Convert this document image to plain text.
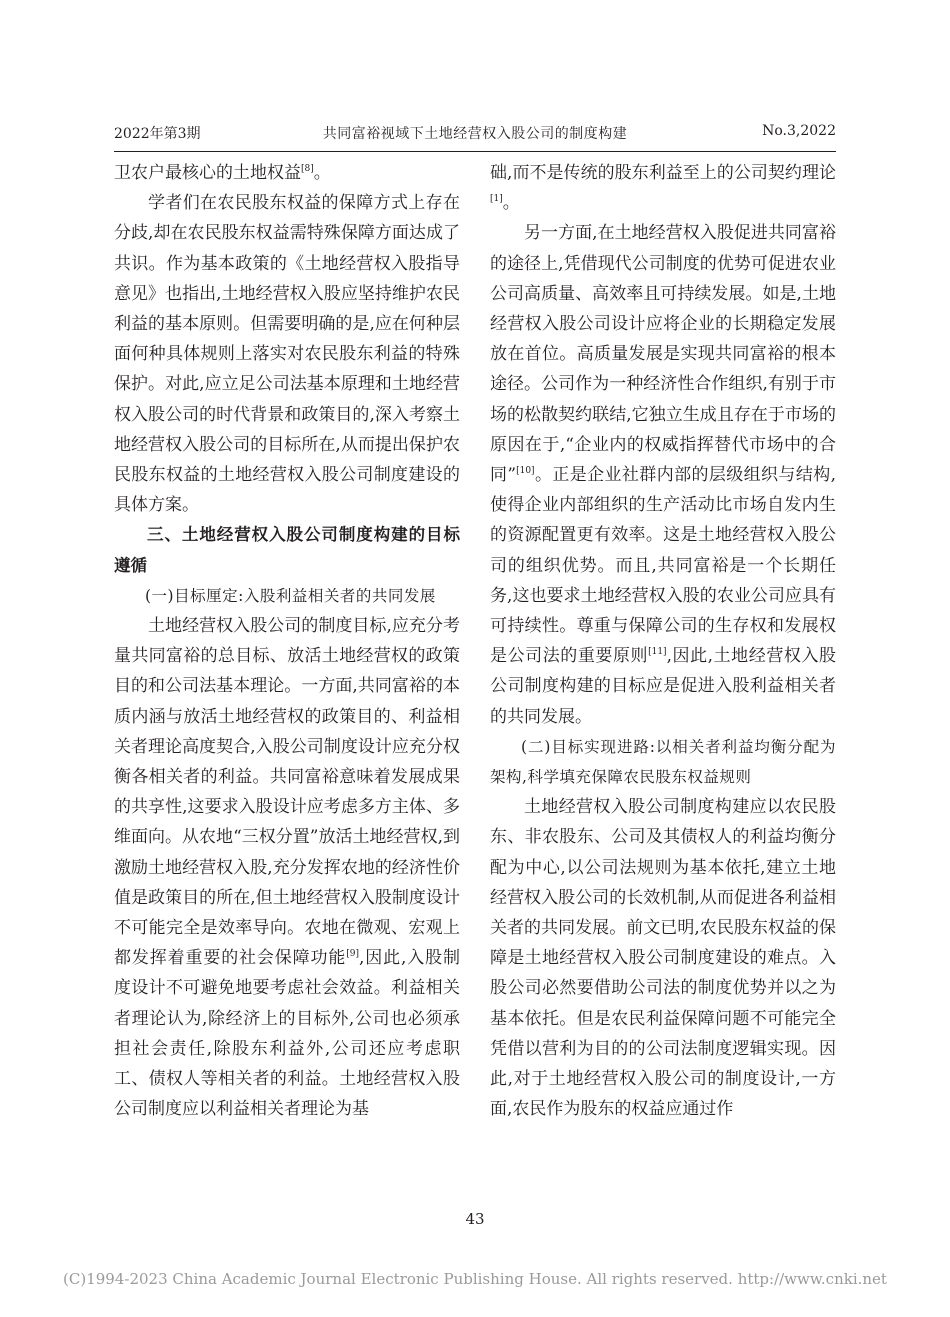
2022年第3期	共同富裕视域下土地经营权入股公司的制度构建	No.3,2022

卫农户最核心的土地权益[8]。

学者们在农民股东权益的保障方式上存在分歧,却在农民股东权益需特殊保障方面达成了共识。作为基本政策的《土地经营权入股指导意见》也指出,土地经营权入股应坚持维护农民利益的基本原则。但需要明确的是,应在何种层面何种具体规则上落实对农民股东利益的特殊保护。对此,应立足公司法基本原理和土地经营权入股公司的时代背景和政策目的,深入考察土地经营权入股公司的目标所在,从而提出保护农民股东权益的土地经营权入股公司制度建设的具体方案。

三、土地经营权入股公司制度构建的目标遵循

(一)目标厘定:入股利益相关者的共同发展

土地经营权入股公司的制度目标,应充分考量共同富裕的总目标、放活土地经营权的政策目的和公司法基本理论。一方面,共同富裕的本质内涵与放活土地经营权的政策目的、利益相关者理论高度契合,入股公司制度设计应充分权衡各相关者的利益。共同富裕意味着发展成果的共享性,这要求入股设计应考虑多方主体、多维面向。从农地“三权分置”放活土地经营权,到激励土地经营权入股,充分发挥农地的经济性价值是政策目的所在,但土地经营权入股制度设计不可能完全是效率导向。农地在微观、宏观上都发挥着重要的社会保障功能[9],因此,入股制度设计不可避免地要考虑社会效益。利益相关者理论认为,除经济上的目标外,公司也必须承担社会责任,除股东利益外,公司还应考虑职工、债权人等相关者的利益。土地经营权入股公司制度应以利益相关者理论为基

础,而不是传统的股东利益至上的公司契约理论[1]。

另一方面,在土地经营权入股促进共同富裕的途径上,凭借现代公司制度的优势可促进农业公司高质量、高效率且可持续发展。如是,土地经营权入股公司设计应将企业的长期稳定发展放在首位。高质量发展是实现共同富裕的根本途径。公司作为一种经济性合作组织,有别于市场的松散契约联结,它独立生成且存在于市场的原因在于,“企业内的权威指挥替代市场中的合同”[10]。正是企业社群内部的层级组织与结构,使得企业内部组织的生产活动比市场自发内生的资源配置更有效率。这是土地经营权入股公司的组织优势。而且,共同富裕是一个长期任务,这也要求土地经营权入股的农业公司应具有可持续性。尊重与保障公司的生存权和发展权是公司法的重要原则[11],因此,土地经营权入股公司制度构建的目标应是促进入股利益相关者的共同发展。

(二)目标实现进路:以相关者利益均衡分配为架构,科学填充保障农民股东权益规则

土地经营权入股公司制度构建应以农民股东、非农股东、公司及其债权人的利益均衡分配为中心,以公司法规则为基本依托,建立土地经营权入股公司的长效机制,从而促进各利益相关者的共同发展。前文已明,农民股东权益的保障是土地经营权入股公司制度建设的难点。入股公司必然要借助公司法的制度优势并以之为基本依托。但是农民利益保障问题不可能完全凭借以营利为目的的公司法制度逻辑实现。因此,对于土地经营权入股公司的制度设计,一方面,农民作为股东的权益应通过作

43
(C)1994-2023 China Academic Journal Electronic Publishing House. All rights reserved. http://www.cnki.net
